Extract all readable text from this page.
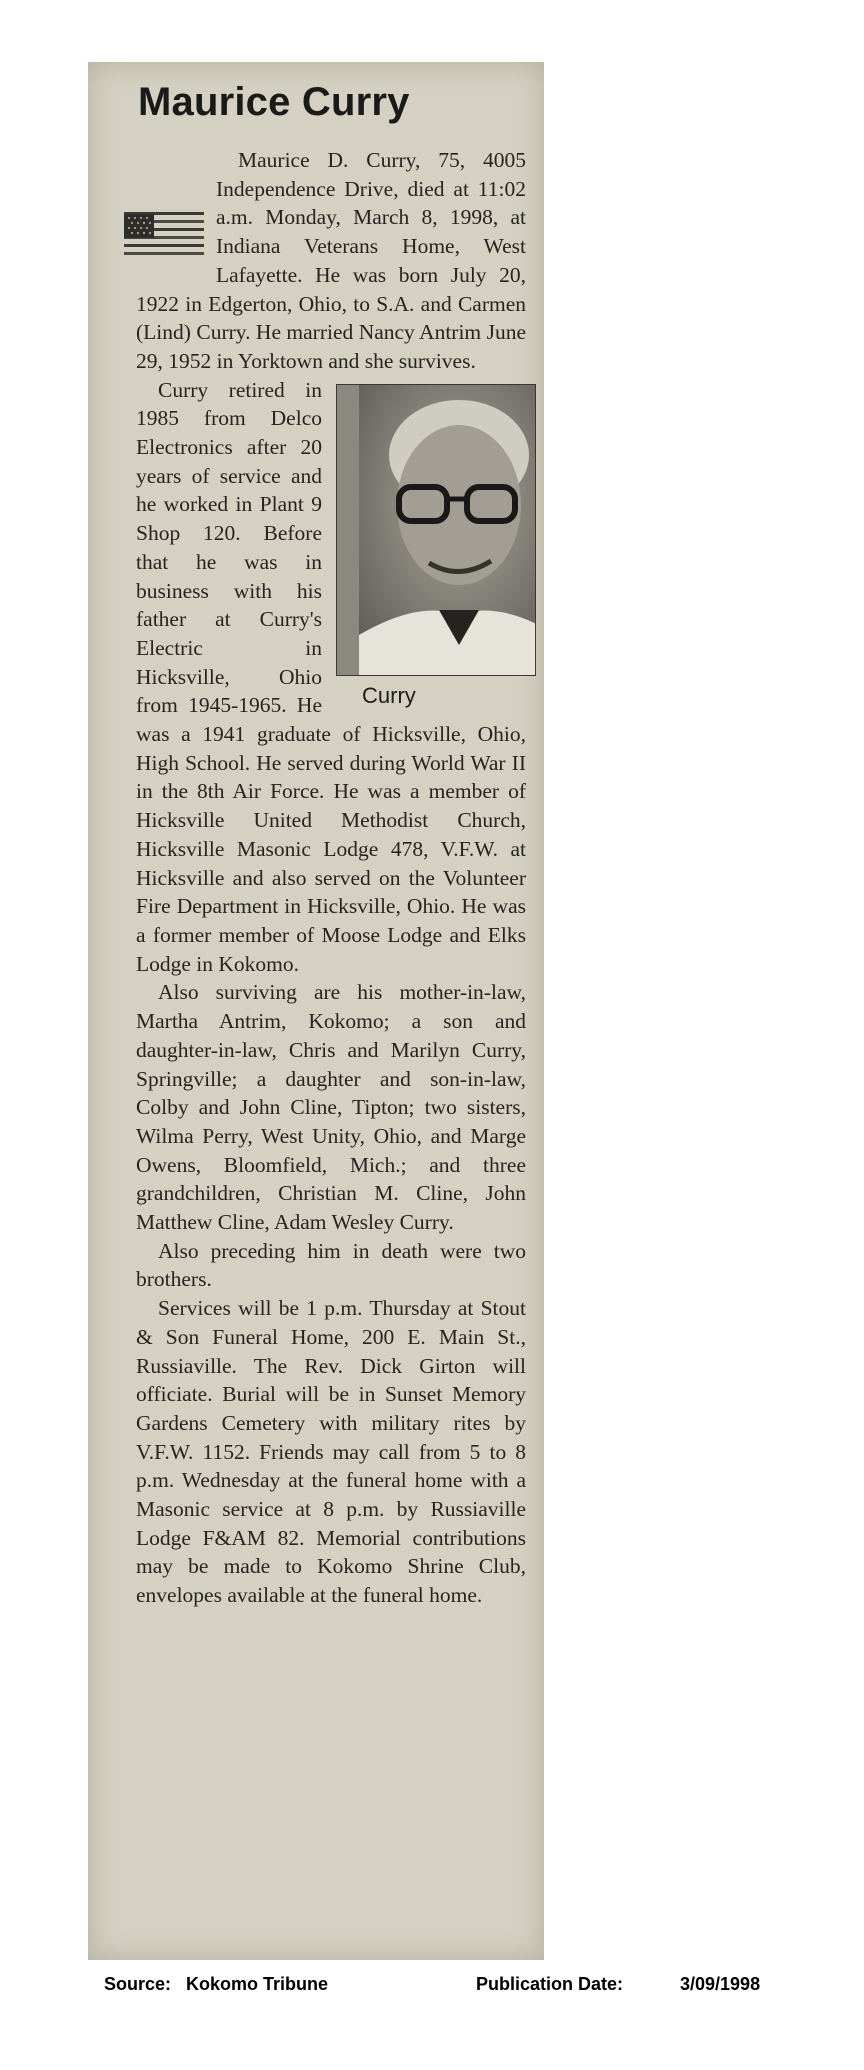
Maurice Curry

Maurice D. Curry, 75, 4005 Independence Drive, died at 11:02 a.m. Monday, March 8, 1998, at Indiana Veterans Home, West Lafayette. He was born July 20, 1922 in Edgerton, Ohio, to S.A. and Carmen (Lind) Curry. He married Nancy Antrim June 29, 1952 in Yorktown and she survives.

Curry
Curry retired in 1985 from Delco Electronics after 20 years of service and he worked in Plant 9 Shop 120. Before that he was in business with his father at Curry's Electric in Hicksville, Ohio from 1945-1965. He was a 1941 graduate of Hicksville, Ohio, High School. He served during World War II in the 8th Air Force. He was a member of Hicksville United Methodist Church, Hicksville Masonic Lodge 478, V.F.W. at Hicksville and also served on the Volunteer Fire Department in Hicksville, Ohio. He was a former member of Moose Lodge and Elks Lodge in Kokomo.

Also surviving are his mother-in-law, Martha Antrim, Kokomo; a son and daughter-in-law, Chris and Marilyn Curry, Springville; a daughter and son-in-law, Colby and John Cline, Tipton; two sisters, Wilma Perry, West Unity, Ohio, and Marge Owens, Bloomfield, Mich.; and three grandchildren, Christian M. Cline, John Matthew Cline, Adam Wesley Curry.

Also preceding him in death were two brothers.

Services will be 1 p.m. Thursday at Stout & Son Funeral Home, 200 E. Main St., Russiaville. The Rev. Dick Girton will officiate. Burial will be in Sunset Memory Gardens Cemetery with military rites by V.F.W. 1152. Friends may call from 5 to 8 p.m. Wednesday at the funeral home with a Masonic service at 8 p.m. by Russiaville Lodge F&AM 82. Memorial contributions may be made to Kokomo Shrine Club, envelopes available at the funeral home.

Source: Kokomo Tribune	Publication Date:	3/09/1998
